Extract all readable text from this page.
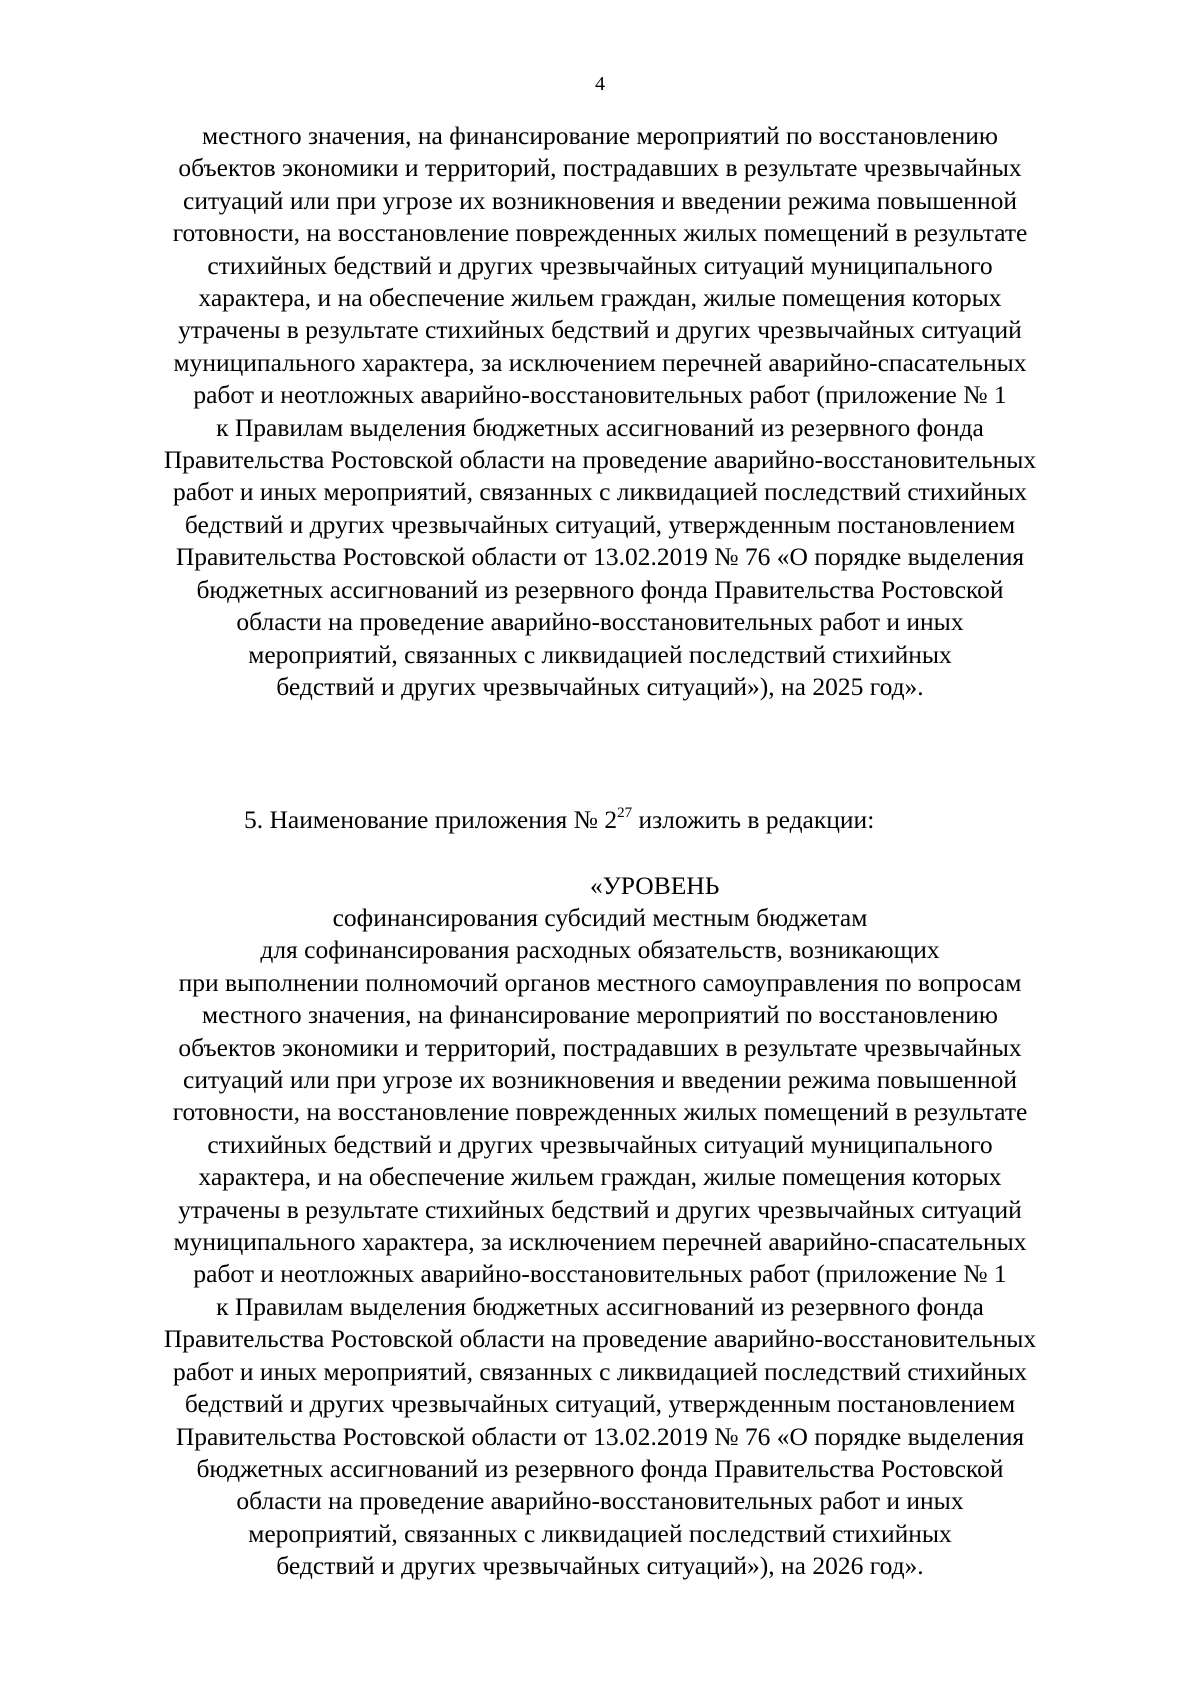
4
местного значения, на финансирование мероприятий по восстановлению
объектов экономики и территорий, пострадавших в результате чрезвычайных
ситуаций или при угрозе их возникновения и введении режима повышенной
готовности, на восстановление поврежденных жилых помещений в результате
стихийных бедствий и других чрезвычайных ситуаций муниципального
характера, и на обеспечение жильем граждан, жилые помещения которых
утрачены в результате стихийных бедствий и других чрезвычайных ситуаций
муниципального характера, за исключением перечней аварийно-спасательных
работ и неотложных аварийно-восстановительных работ (приложение № 1
к Правилам выделения бюджетных ассигнований из резервного фонда
Правительства Ростовской области на проведение аварийно-восстановительных
работ и иных мероприятий, связанных с ликвидацией последствий стихийных
бедствий и других чрезвычайных ситуаций, утвержденным постановлением
Правительства Ростовской области от 13.02.2019 № 76 «О порядке выделения
бюджетных ассигнований из резервного фонда Правительства Ростовской
области на проведение аварийно-восстановительных работ и иных
мероприятий, связанных с ликвидацией последствий стихийных
бедствий и других чрезвычайных ситуаций»), на 2025 год».
5. Наименование приложения № $2^{27}$ изложить в редакции:
«УРОВЕНЬ
софинансирования субсидий местным бюджетам
для софинансирования расходных обязательств, возникающих
при выполнении полномочий органов местного самоуправления по вопросам
местного значения, на финансирование мероприятий по восстановлению
объектов экономики и территорий, пострадавших в результате чрезвычайных
ситуаций или при угрозе их возникновения и введении режима повышенной
готовности, на восстановление поврежденных жилых помещений в результате
стихийных бедствий и других чрезвычайных ситуаций муниципального
характера, и на обеспечение жильем граждан, жилые помещения которых
утрачены в результате стихийных бедствий и других чрезвычайных ситуаций
муниципального характера, за исключением перечней аварийно-спасательных
работ и неотложных аварийно-восстановительных работ (приложение № 1
к Правилам выделения бюджетных ассигнований из резервного фонда
Правительства Ростовской области на проведение аварийно-восстановительных
работ и иных мероприятий, связанных с ликвидацией последствий стихийных
бедствий и других чрезвычайных ситуаций, утвержденным постановлением
Правительства Ростовской области от 13.02.2019 № 76 «О порядке выделения
бюджетных ассигнований из резервного фонда Правительства Ростовской
области на проведение аварийно-восстановительных работ и иных
мероприятий, связанных с ликвидацией последствий стихийных
бедствий и других чрезвычайных ситуаций»), на 2026 год».
